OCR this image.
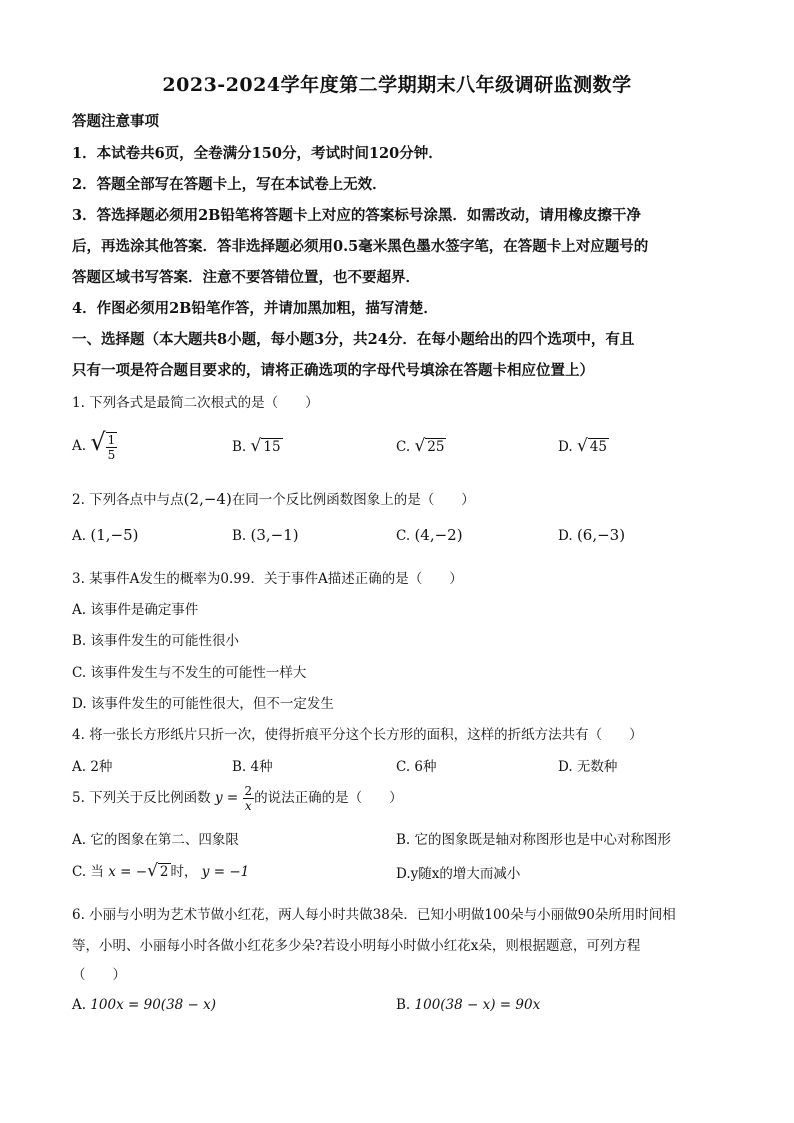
2023-2024学年度第二学期期末八年级调研监测数学
答题注意事项
1．本试卷共6页，全卷满分150分，考试时间120分钟．
2．答题全部写在答题卡上，写在本试卷上无效．
3．答选择题必须用2B铅笔将答题卡上对应的答案标号涂黑．如需改动，请用橡皮擦干净
后，再选涂其他答案．答非选择题必须用0.5毫米黑色墨水签字笔，在答题卡上对应题号的
答题区域书写答案．注意不要答错位置，也不要超界．
4．作图必须用2B铅笔作答，并请加黑加粗，描写清楚．
一、选择题（本大题共8小题，每小题3分，共24分．在每小题给出的四个选项中，有且
只有一项是符合题目要求的，请将正确选项的字母代号填涂在答题卡相应位置上）
1. 下列各式是最简二次根式的是（　　）
A. √ $\frac{1}{5}$	B. √ 15	C. √ 25	D. √ 45
2. 下列各点中与点(2,−4)在同一个反比例函数图象上的是（　　）
A. (1,−5)	B. (3,−1)	C. (4,−2)	D. (6,−3)
3. 某事件A发生的概率为0.99．关于事件A描述正确的是（　　）
A. 该事件是确定事件
B. 该事件发生的可能性很小
C. 该事件发生与不发生的可能性一样大
D. 该事件发生的可能性很大，但不一定发生
4. 将一张长方形纸片只折一次，使得折痕平分这个长方形的面积，这样的折纸方法共有（　　）
A. 2种	B. 4种	C. 6种	D. 无数种
5. 下列关于反比例函数 $y = \frac{2}{x}$ 的说法正确的是（　　）
A. 它的图象在第二、四象限	B. 它的图象既是轴对称图形也是中心对称图形
C. 当 x = −√ 2 时， y = −1	D.y随x的增大而减小
6. 小丽与小明为艺术节做小红花，两人每小时共做38朵．已知小明做100朵与小丽做90朵所用时间相
等，小明、小丽每小时各做小红花多少朵?若设小明每小时做小红花x朵，则根据题意，可列方程
（　　）
A. 100x = 90(38 − x)	B. 100(38 − x) = 90x
